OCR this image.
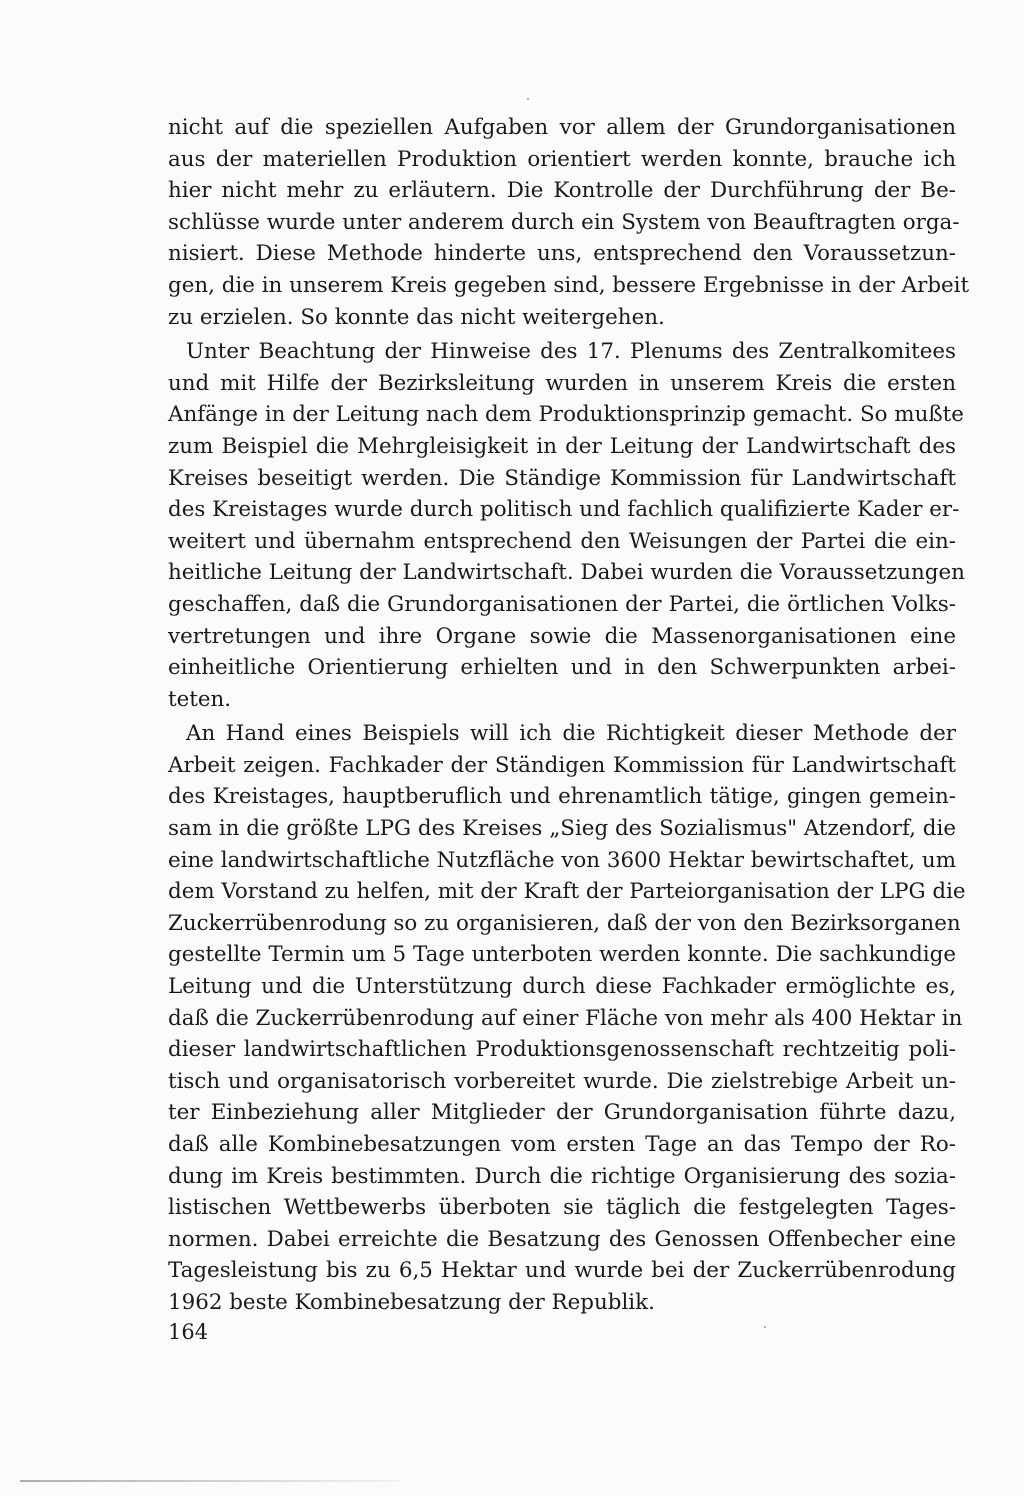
nicht auf die speziellen Aufgaben vor allem der Grundorganisationen
aus der materiellen Produktion orientiert werden konnte, brauche ich
hier nicht mehr zu erläutern. Die Kontrolle der Durchführung der Be-
schlüsse wurde unter anderem durch ein System von Beauftragten orga-
nisiert. Diese Methode hinderte uns, entsprechend den Voraussetzun-
gen, die in unserem Kreis gegeben sind, bessere Ergebnisse in der Arbeit
zu erzielen. So konnte das nicht weitergehen.

Unter Beachtung der Hinweise des 17. Plenums des Zentralkomitees
und mit Hilfe der Bezirksleitung wurden in unserem Kreis die ersten
Anfänge in der Leitung nach dem Produktionsprinzip gemacht. So mußte
zum Beispiel die Mehrgleisigkeit in der Leitung der Landwirtschaft des
Kreises beseitigt werden. Die Ständige Kommission für Landwirtschaft
des Kreistages wurde durch politisch und fachlich qualifizierte Kader er-
weitert und übernahm entsprechend den Weisungen der Partei die ein-
heitliche Leitung der Landwirtschaft. Dabei wurden die Voraussetzungen
geschaffen, daß die Grundorganisationen der Partei, die örtlichen Volks-
vertretungen und ihre Organe sowie die Massenorganisationen eine
einheitliche Orientierung erhielten und in den Schwerpunkten arbei-
teten.

An Hand eines Beispiels will ich die Richtigkeit dieser Methode der
Arbeit zeigen. Fachkader der Ständigen Kommission für Landwirtschaft
des Kreistages, hauptberuflich und ehrenamtlich tätige, gingen gemein-
sam in die größte LPG des Kreises „Sieg des Sozialismus" Atzendorf, die
eine landwirtschaftliche Nutzfläche von 3600 Hektar bewirtschaftet, um
dem Vorstand zu helfen, mit der Kraft der Parteiorganisation der LPG die
Zuckerrübenrodung so zu organisieren, daß der von den Bezirksorganen
gestellte Termin um 5 Tage unterboten werden konnte. Die sachkundige
Leitung und die Unterstützung durch diese Fachkader ermöglichte es,
daß die Zuckerrübenrodung auf einer Fläche von mehr als 400 Hektar in
dieser landwirtschaftlichen Produktionsgenossenschaft rechtzeitig poli-
tisch und organisatorisch vorbereitet wurde. Die zielstrebige Arbeit un-
ter Einbeziehung aller Mitglieder der Grundorganisation führte dazu,
daß alle Kombinebesatzungen vom ersten Tage an das Tempo der Ro-
dung im Kreis bestimmten. Durch die richtige Organisierung des sozia-
listischen Wettbewerbs überboten sie täglich die festgelegten Tages-
normen. Dabei erreichte die Besatzung des Genossen Offenbecher eine
Tagesleistung bis zu 6,5 Hektar und wurde bei der Zuckerrübenrodung
1962 beste Kombinebesatzung der Republik.

164
